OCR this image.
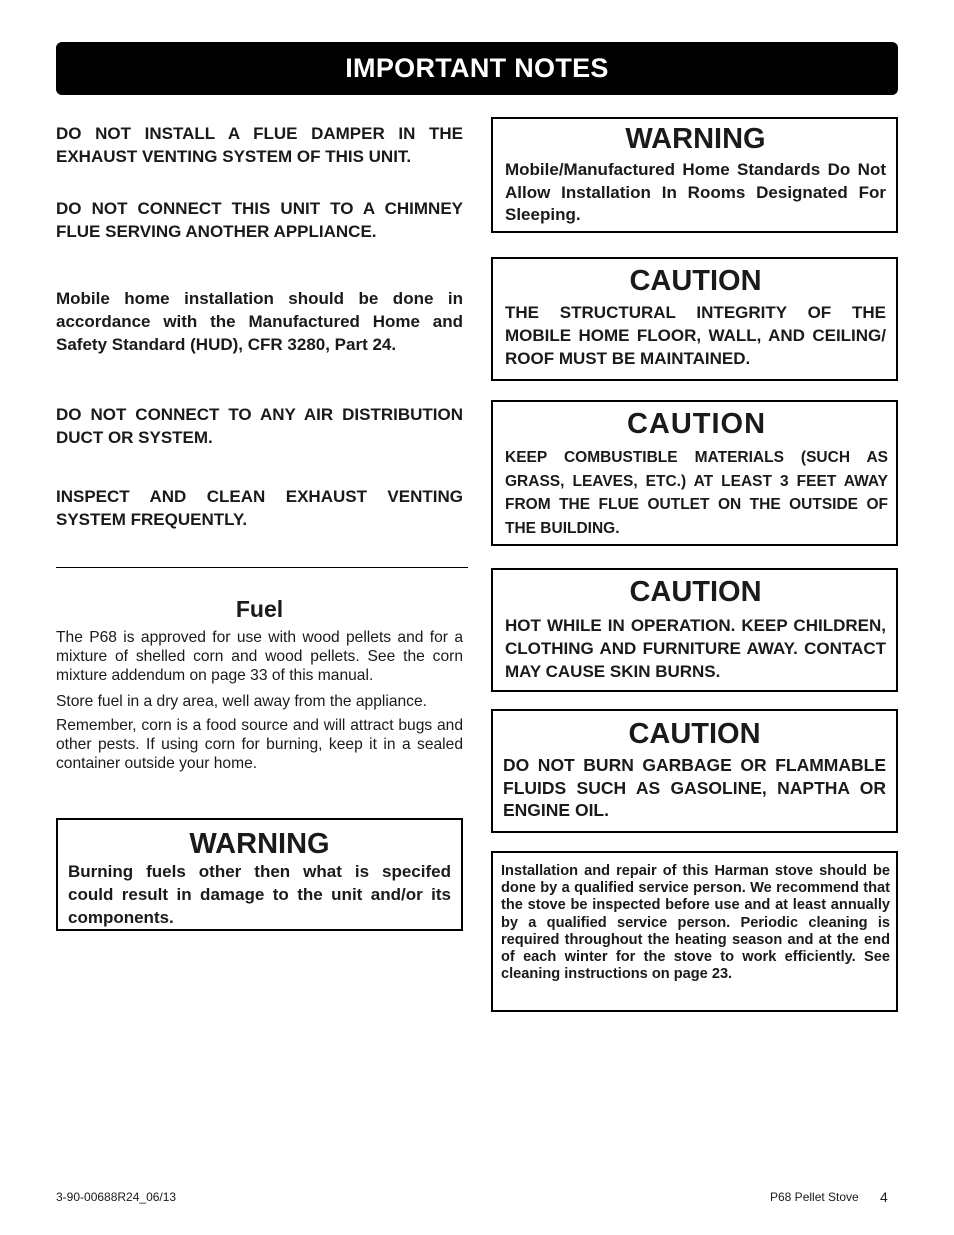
IMPORTANT NOTES

DO NOT INSTALL A FLUE DAMPER IN THE EXHAUST VENTING SYSTEM OF THIS UNIT.

DO NOT CONNECT THIS UNIT TO A CHIMNEY FLUE SERVING ANOTHER APPLIANCE.

Mobile home installation should be done in accordance with the Manufactured Home and Safety Standard (HUD), CFR 3280, Part 24.

DO NOT CONNECT TO ANY AIR DISTRIBUTION DUCT OR SYSTEM.

INSPECT AND CLEAN EXHAUST VENTING SYSTEM FREQUENTLY.

Fuel

The P68 is approved for use with wood pellets and for a mixture of shelled corn and wood pellets. See the corn mixture addendum on page 33 of this manual.

Store fuel in a dry area, well away from the appliance.

Remember, corn is a food source and will attract bugs and other pests. If using corn for burning, keep it in a sealed container outside your home.

WARNING

Burning fuels other then what is specifed could result in damage to the unit and/or its components.

WARNING

Mobile/Manufactured Home Standards Do Not Allow Installation In Rooms Designated For Sleeping.

CAUTION

THE STRUCTURAL INTEGRITY OF THE MOBILE HOME FLOOR, WALL, AND CEILING/ ROOF MUST BE MAINTAINED.

CAUTION

KEEP COMBUSTIBLE MATERIALS (SUCH AS GRASS, LEAVES, ETC.) AT LEAST 3 FEET AWAY FROM THE FLUE OUTLET ON THE OUTSIDE OF THE BUILDING.

CAUTION

HOT WHILE IN OPERATION. KEEP CHILDREN, CLOTHING AND FURNITURE AWAY. CONTACT MAY CAUSE SKIN BURNS.

CAUTION

DO NOT BURN GARBAGE OR FLAMMABLE FLUIDS SUCH AS GASOLINE, NAPTHA OR ENGINE OIL.

Installation and repair of this Harman stove should be done by a qualified service person. We recommend that the stove be inspected before use and at least annually by a qualified service person. Periodic cleaning is required throughout the heating season and at the end of each winter for the stove to work efficiently. See cleaning instructions on page 23.

3-90-00688R24_06/13	P68 Pellet Stove 4
